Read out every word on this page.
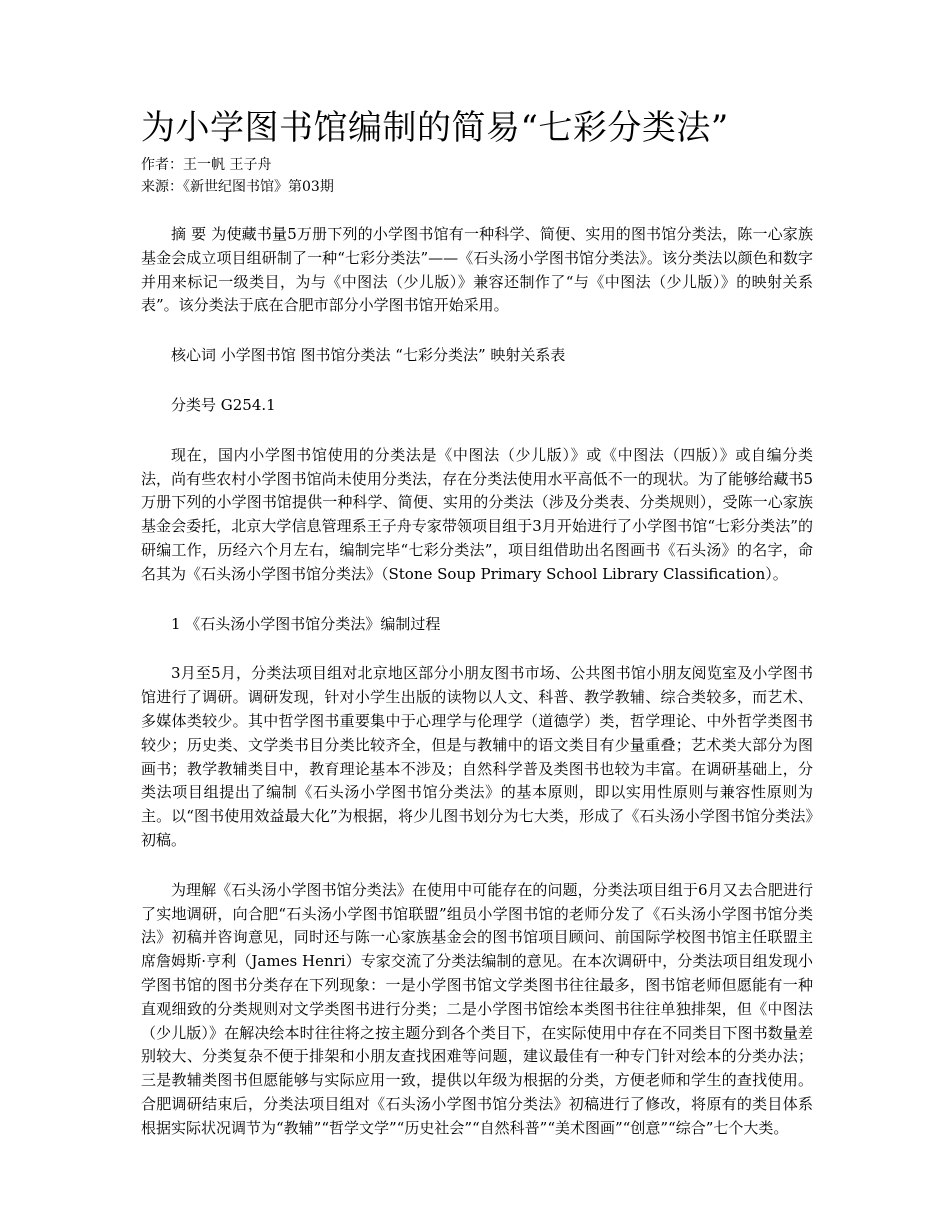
为小学图书馆编制的简易“七彩分类法”

作者：王一帆 王子舟

来源：《新世纪图书馆》第03期

摘 要 为使藏书量5万册下列的小学图书馆有一种科学、简便、实用的图书馆分类法，陈一心家族基金会成立项目组研制了一种“七彩分类法”——《石头汤小学图书馆分类法》。该分类法以颜色和数字并用来标记一级类目，为与《中图法（少儿版）》兼容还制作了“与《中图法（少儿版）》的映射关系表”。该分类法于底在合肥市部分小学图书馆开始采用。

核心词 小学图书馆 图书馆分类法 “七彩分类法” 映射关系表

分类号 G254.1

现在，国内小学图书馆使用的分类法是《中图法（少儿版）》或《中图法（四版）》或自编分类法，尚有些农村小学图书馆尚未使用分类法，存在分类法使用水平高低不一的现状。为了能够给藏书5万册下列的小学图书馆提供一种科学、简便、实用的分类法（涉及分类表、分类规则），受陈一心家族基金会委托，北京大学信息管理系王子舟专家带领项目组于3月开始进行了小学图书馆“七彩分类法”的研编工作，历经六个月左右，编制完毕“七彩分类法”，项目组借助出名图画书《石头汤》的名字，命名其为《石头汤小学图书馆分类法》（Stone Soup Primary School Library Classification）。

1 《石头汤小学图书馆分类法》编制过程

3月至5月，分类法项目组对北京地区部分小朋友图书市场、公共图书馆小朋友阅览室及小学图书馆进行了调研。调研发现，针对小学生出版的读物以人文、科普、教学教辅、综合类较多，而艺术、多媒体类较少。其中哲学图书重要集中于心理学与伦理学（道德学）类，哲学理论、中外哲学类图书较少；历史类、文学类书目分类比较齐全，但是与教辅中的语文类目有少量重叠；艺术类大部分为图画书；教学教辅类目中，教育理论基本不涉及；自然科学普及类图书也较为丰富。在调研基础上，分类法项目组提出了编制《石头汤小学图书馆分类法》的基本原则，即以实用性原则与兼容性原则为主。以“图书使用效益最大化”为根据，将少儿图书划分为七大类，形成了《石头汤小学图书馆分类法》初稿。

为理解《石头汤小学图书馆分类法》在使用中可能存在的问题，分类法项目组于6月又去合肥进行了实地调研，向合肥“石头汤小学图书馆联盟”组员小学图书馆的老师分发了《石头汤小学图书馆分类法》初稿并咨询意见，同时还与陈一心家族基金会的图书馆项目顾问、前国际学校图书馆主任联盟主席詹姆斯·亨利（James Henri）专家交流了分类法编制的意见。在本次调研中，分类法项目组发现小学图书馆的图书分类存在下列现象：一是小学图书馆文学类图书往往最多，图书馆老师但愿能有一种直观细致的分类规则对文学类图书进行分类；二是小学图书馆绘本类图书往往单独排架，但《中图法（少儿版）》在解决绘本时往往将之按主题分到各个类目下，在实际使用中存在不同类目下图书数量差别较大、分类复杂不便于排架和小朋友查找困难等问题，建议最佳有一种专门针对绘本的分类办法；三是教辅类图书但愿能够与实际应用一致，提供以年级为根据的分类，方便老师和学生的查找使用。合肥调研结束后，分类法项目组对《石头汤小学图书馆分类法》初稿进行了修改，将原有的类目体系根据实际状况调节为“教辅”“哲学文学”“历史社会”“自然科普”“美术图画”“创意”“综合”七个大类。
